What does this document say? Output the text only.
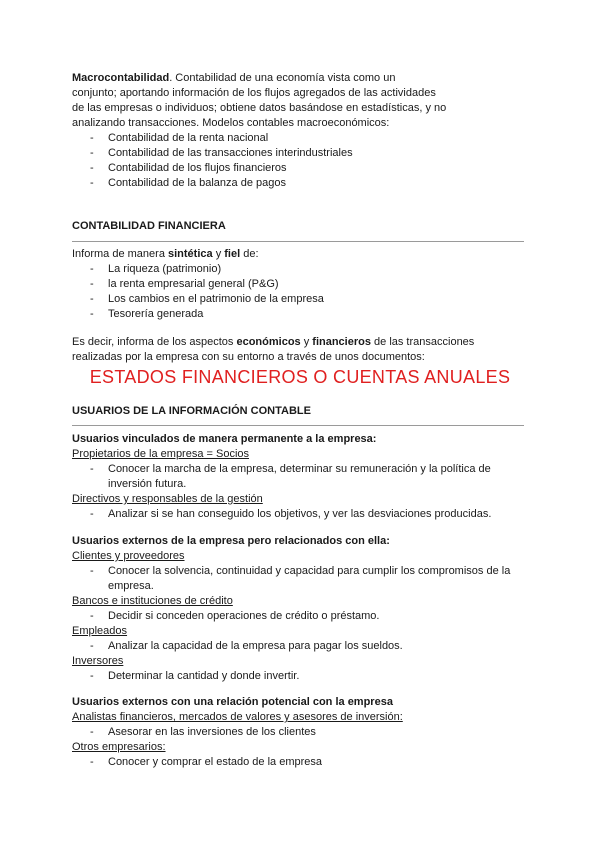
Macrocontabilidad. Contabilidad de una economía vista como un

conjunto; aportando información de los flujos agregados de las actividades

de las empresas o individuos; obtiene datos basándose en estadísticas, y no

analizando transacciones. Modelos contables macroeconómicos:

- Contabilidad de la renta nacional
- Contabilidad de las transacciones interindustriales
- Contabilidad de los flujos financieros
- Contabilidad de la balanza de pagos
CONTABILIDAD FINANCIERA

Informa de manera sintética y fiel de:

- La riqueza (patrimonio)
- la renta empresarial general (P&G)
- Los cambios en el patrimonio de la empresa
- Tesorería generada

Es decir, informa de los aspectos económicos y financieros de las transacciones

realizadas por la empresa con su entorno a través de unos documentos:

ESTADOS FINANCIEROS O CUENTAS ANUALES
USUARIOS DE LA INFORMACIÓN CONTABLE

Usuarios vinculados de manera permanente a la empresa:

Propietarios de la empresa = Socios

- Conocer la marcha de la empresa, determinar su remuneración y la política de

inversión futura.

Directivos y responsables de la gestión

- Analizar si se han conseguido los objetivos, y ver las desviaciones producidas.

Usuarios externos de la empresa pero relacionados con ella:

Clientes y proveedores

- Conocer la solvencia, continuidad y capacidad para cumplir los compromisos de la

empresa.

Bancos e instituciones de crédito

- Decidir si conceden operaciones de crédito o préstamo.

Empleados

- Analizar la capacidad de la empresa para pagar los sueldos.

Inversores

- Determinar la cantidad y donde invertir.

Usuarios externos con una relación potencial con la empresa

Analistas financieros, mercados de valores y asesores de inversión:

- Asesorar en las inversiones de los clientes

Otros empresarios:

- Conocer y comprar el estado de la empresa
